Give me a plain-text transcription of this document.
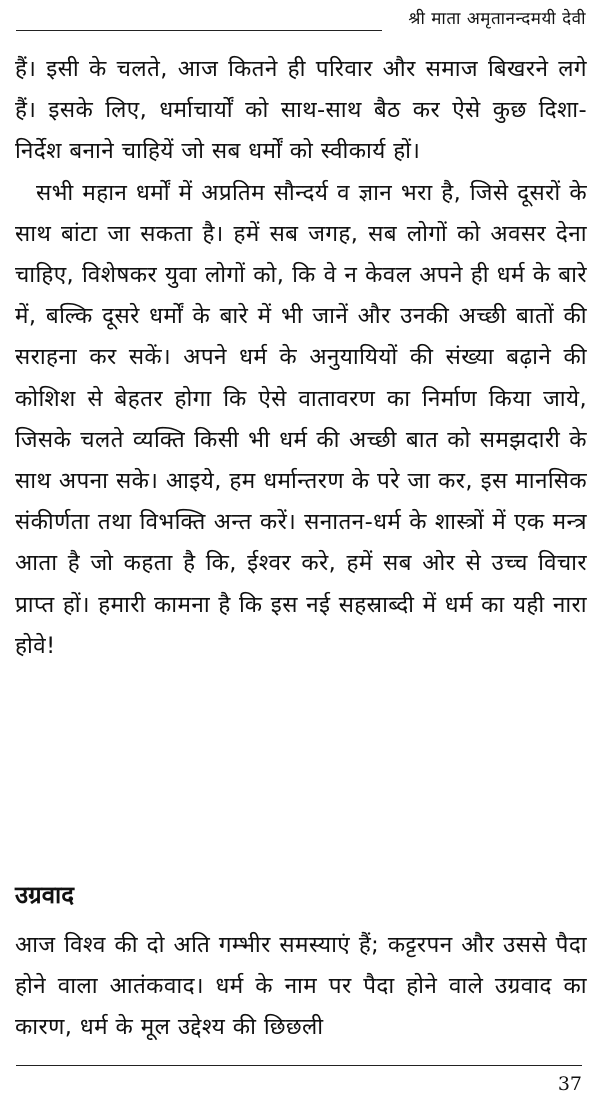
श्री माता अमृतानन्दमयी देवी

हैं। इसी के चलते, आज कितने ही परिवार और समाज बिखरने लगे हैं। इसके लिए, धर्माचार्यों को साथ-साथ बैठ कर ऐसे कुछ दिशा-निर्देश बनाने चाहियें जो सब धर्मों को स्वीकार्य हों।

सभी महान धर्मों में अप्रतिम सौन्दर्य व ज्ञान भरा है, जिसे दूसरों के साथ बांटा जा सकता है। हमें सब जगह, सब लोगों को अवसर देना चाहिए, विशेषकर युवा लोगों को, कि वे न केवल अपने ही धर्म के बारे में, बल्कि दूसरे धर्मों के बारे में भी जानें और उनकी अच्छी बातों की सराहना कर सकें। अपने धर्म के अनुयायियों की संख्या बढ़ाने की कोशिश से बेहतर होगा कि ऐसे वातावरण का निर्माण किया जाये, जिसके चलते व्यक्ति किसी भी धर्म की अच्छी बात को समझदारी के साथ अपना सके। आइये, हम धर्मान्तरण के परे जा कर, इस मानसिक संकीर्णता तथा विभक्ति अन्त करें। सनातन-धर्म के शास्त्रों में एक मन्त्र आता है जो कहता है कि, ईश्वर करे, हमें सब ओर से उच्च विचार प्राप्त हों। हमारी कामना है कि इस नई सहस्राब्दी में धर्म का यही नारा होवे!

उग्रवाद
आज विश्व की दो अति गम्भीर समस्याएं हैं; कट्टरपन और उससे पैदा होने वाला आतंकवाद। धर्म के नाम पर पैदा होने वाले उग्रवाद का कारण, धर्म के मूल उद्देश्य की छिछली
37
